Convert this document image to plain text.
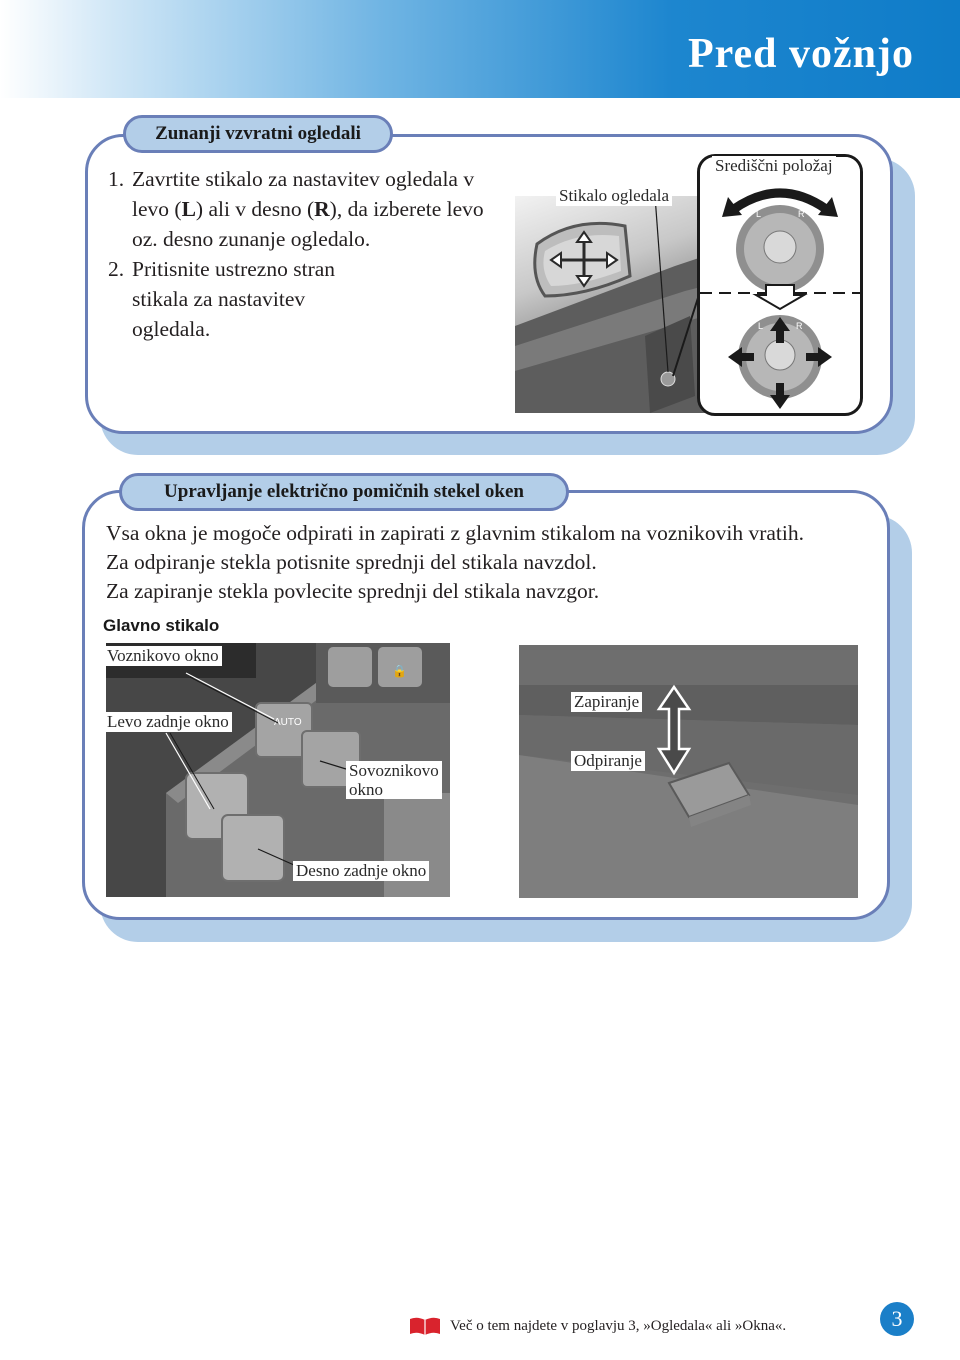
Pred vožnjo
Zunanji vzvratni ogledali
1. Zavrtite stikalo za nastavitev ogledala v levo (L) ali v desno (R), da izberete levo oz. desno zunanje ogledalo.
2. Pritisnite ustrezno stran stikala za nastavitev ogledala.
Stikalo ogledala
L	R
L	R
Središčni položaj
Upravljanje električno pomičnih stekel oken
Vsa okna je mogoče odpirati in zapirati z glavnim stikalom na voznikovih vratih.
Za odpiranje stekla potisnite sprednji del stikala navzdol.
Za zapiranje stekla povlecite sprednji del stikala navzgor.
Glavno stikalo
🔒
AUTO
Voznikovo okno
Levo zadnje okno
Sovoznikovo
okno
Desno zadnje okno
Zapiranje
Odpiranje
Več o tem najdete v poglavju 3, »Ogledala« ali »Okna«.	3
